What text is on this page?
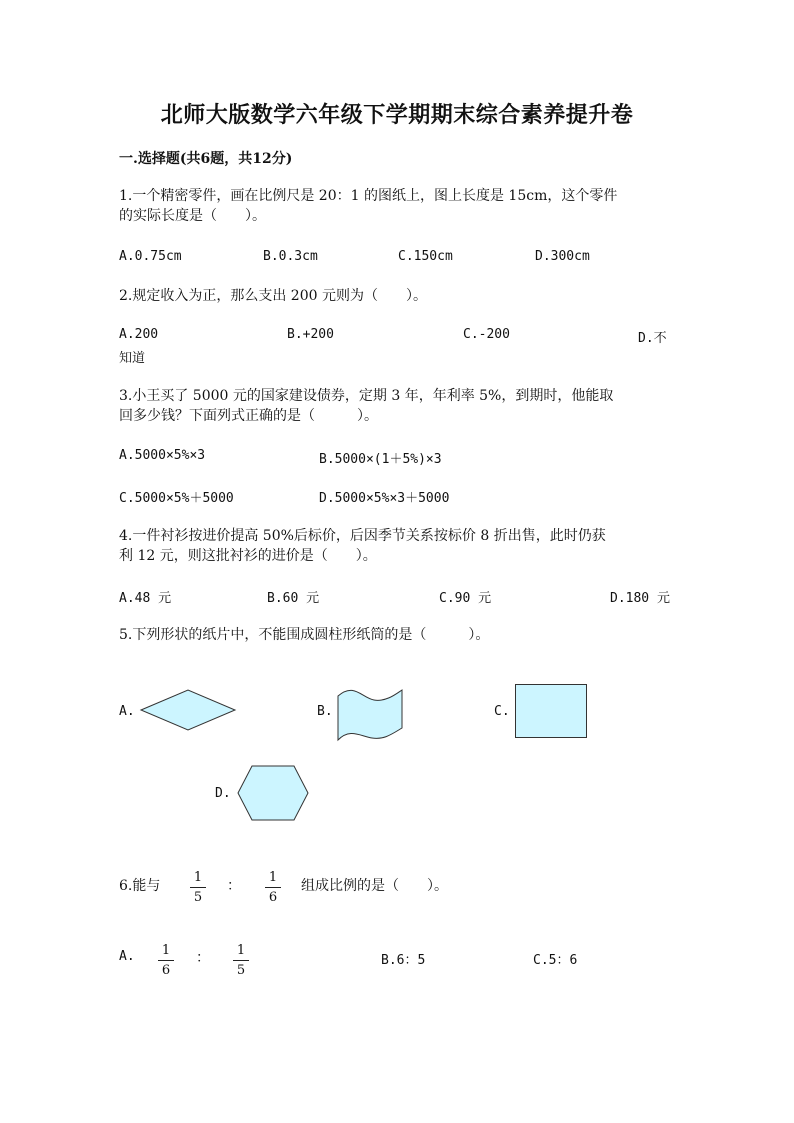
北师大版数学六年级下学期期末综合素养提升卷
一.选择题(共6题，共12分)
1.一个精密零件，画在比例尺是 20：1 的图纸上，图上长度是 15cm，这个零件
的实际长度是（　　）。
A.0.75cm	B.0.3cm	C.150cm	D.300cm
2.规定收入为正，那么支出 200 元则为（　　）。
A.200	B.+200	C.-200	D.不
知道
3.小王买了 5000 元的国家建设债券，定期 3 年，年利率 5%，到期时，他能取
回多少钱？下面列式正确的是（　　　）。
A.5000×5%×3	B.5000×(1＋5%)×3
C.5000×5%＋5000	D.5000×5%×3＋5000
4.一件衬衫按进价提高 50%后标价，后因季节关系按标价 8 折出售，此时仍获
利 12 元，则这批衬衫的进价是（　　）。
A.48 元	B.60 元	C.90 元	D.180 元
5.下列形状的纸片中，不能围成圆柱形纸筒的是（　　　）。
A.	B.	C.
D.
6.能与 $\frac{1}{5}$ ： $\frac{1}{6}$ 组成比例的是（　　）。
A. $\frac{1}{6}$ ： $\frac{1}{5}$	B.6：5	C.5：6
